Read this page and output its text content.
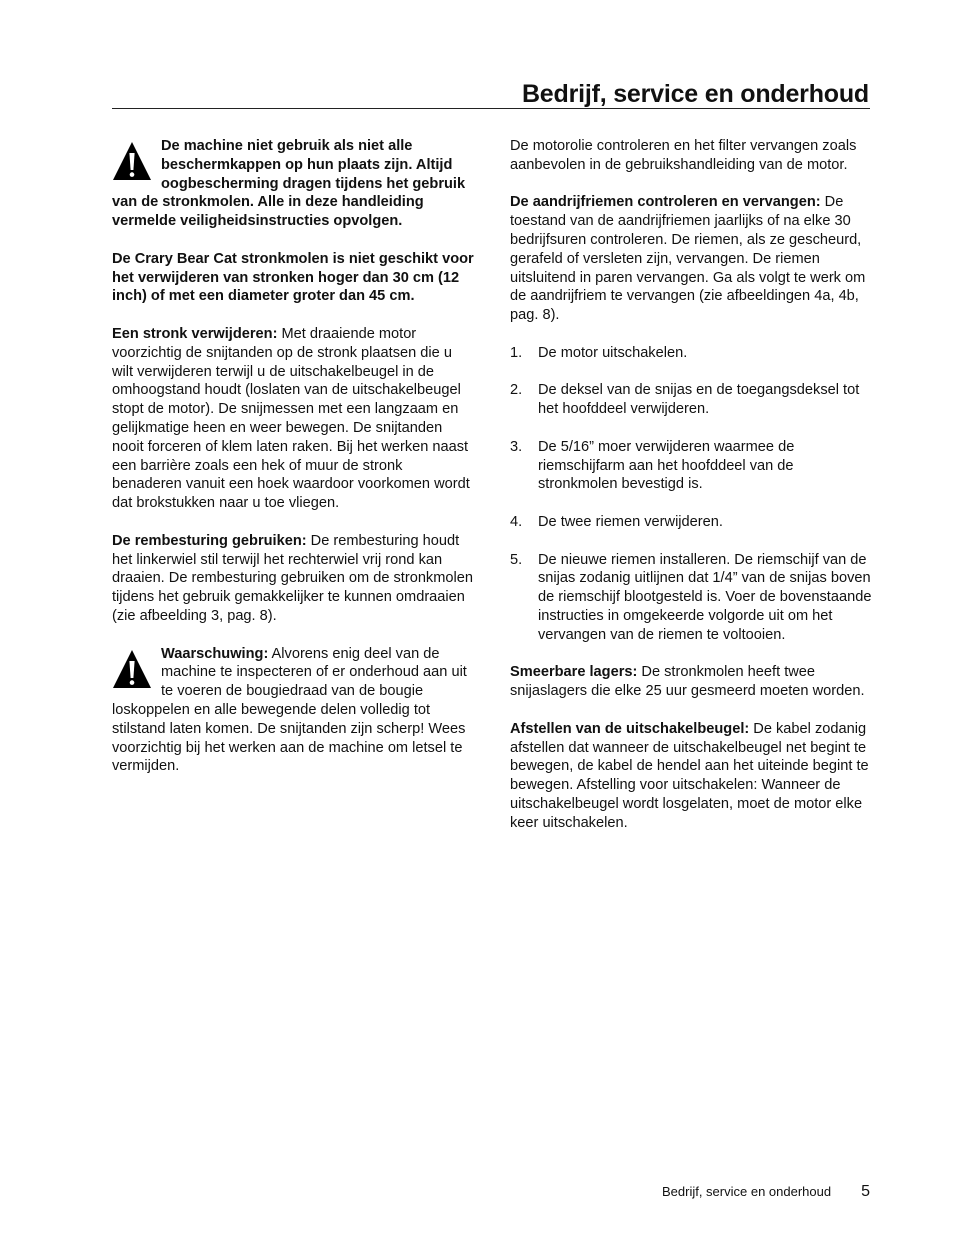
Bedrijf, service en onderhoud

De machine niet gebruik als niet alle beschermkappen op hun plaats zijn. Altijd oogbescherming dragen tijdens het gebruik van de stronkmolen. Alle in deze handleiding vermelde veiligheidsinstructies opvolgen.

De Crary Bear Cat stronkmolen is niet geschikt voor het verwijderen van stronken hoger dan 30 cm (12 inch) of met een diameter groter dan 45 cm.

Een stronk verwijderen: Met draaiende motor voorzichtig de snijtanden op de stronk plaatsen die u wilt verwijderen terwijl u de uitschakelbeugel in de omhoogstand houdt (loslaten van de uitschakelbeugel stopt de motor). De snijmessen met een langzaam en gelijkmatige heen en weer bewegen. De snijtanden nooit forceren of klem laten raken. Bij het werken naast een barrière zoals een hek of muur de stronk benaderen vanuit een hoek waardoor voorkomen wordt dat brokstukken naar u toe vliegen.

De rembesturing gebruiken: De rembesturing houdt het linkerwiel stil terwijl het rechterwiel vrij rond kan draaien. De rembesturing gebruiken om de stronkmolen tijdens het gebruik gemakkelijker te kunnen omdraaien (zie afbeelding 3, pag. 8).

Waarschuwing: Alvorens enig deel van de machine te inspecteren of er onderhoud aan uit te voeren de bougiedraad van de bougie loskoppelen en alle bewegende delen volledig tot stilstand laten komen. De snijtanden zijn scherp! Wees voorzichtig bij het werken aan de machine om letsel te vermijden.

De motorolie controleren en het filter vervangen zoals aanbevolen in de gebruikshandleiding van de motor.

De aandrijfriemen controleren en vervangen: De toestand van de aandrijfriemen jaarlijks of na elke 30 bedrijfsuren controleren. De riemen, als ze gescheurd, gerafeld of versleten zijn, vervangen. De riemen uitsluitend in paren vervangen. Ga als volgt te werk om de aandrijfriem te vervangen (zie afbeeldingen 4a, 4b, pag. 8).

1. De motor uitschakelen.
2. De deksel van de snijas en de toegangsdeksel tot het hoofddeel verwijderen.
3. De 5/16” moer verwijderen waarmee de riemschijfarm aan het hoofddeel van de stronkmolen bevestigd is.
4. De twee riemen verwijderen.
5. De nieuwe riemen installeren. De riemschijf van de snijas zodanig uitlijnen dat 1/4” van de snijas boven de riemschijf blootgesteld is. Voer de bovenstaande instructies in omgekeerde volgorde uit om het vervangen van de riemen te voltooien.

Smeerbare lagers: De stronkmolen heeft twee snijaslagers die elke 25 uur gesmeerd moeten worden.

Afstellen van de uitschakelbeugel: De kabel zodanig afstellen dat wanneer de uitschakelbeugel net begint te bewegen, de kabel de hendel aan het uiteinde begint te bewegen. Afstelling voor uitschakelen: Wanneer de uitschakelbeugel wordt losgelaten, moet de motor elke keer uitschakelen.

Bedrijf, service en onderhoud 5
